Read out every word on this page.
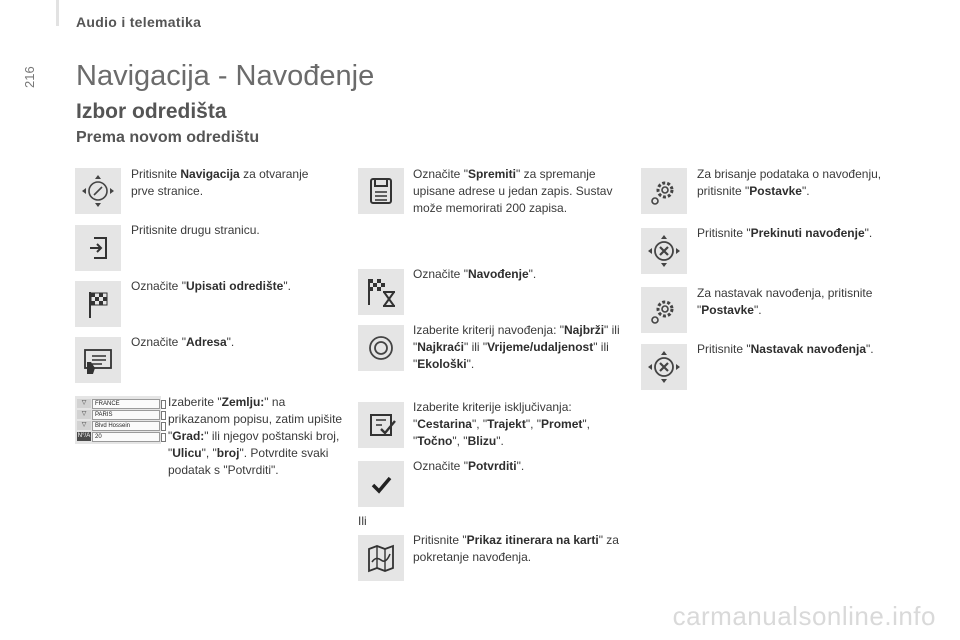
Audio i telematika
216 Navigacija - Navođenje
Izbor odredišta
Prema novom odredištu
Pritisnite Navigacija za otvaranje prve stranice.
Pritisnite drugu stranicu.
Označite "Upisati odredište".
Označite "Adresa".
▽	FRANCE
▽	PARIS
▽	Blvd Hossein
N°/A 20
Izaberite "Zemlju:" na prikazanom popisu, zatim upišite "Grad:" ili njegov poštanski broj, "Ulicu", "broj". Potvrdite svaki podatak s "Potvrditi".
Označite "Spremiti" za spremanje upisane adrese u jedan zapis. Sustav može memorirati 200 zapisa.
Označite "Navođenje".
Izaberite kriterij navođenja: "Najbrži" ili "Najkraći" ili "Vrijeme/udaljenost" ili "Ekološki".
Izaberite kriterije isključivanja: "Cestarina", "Trajekt", "Promet", "Točno", "Blizu".
Označite "Potvrditi".
Ili
Pritisnite "Prikaz itinerara na karti" za pokretanje navođenja.
Za brisanje podataka o navođenju, pritisnite "Postavke".
Pritisnite "Prekinuti navođenje".
Za nastavak navođenja, pritisnite "Postavke".
Pritisnite "Nastavak navođenja".
carmanualsonline.info
